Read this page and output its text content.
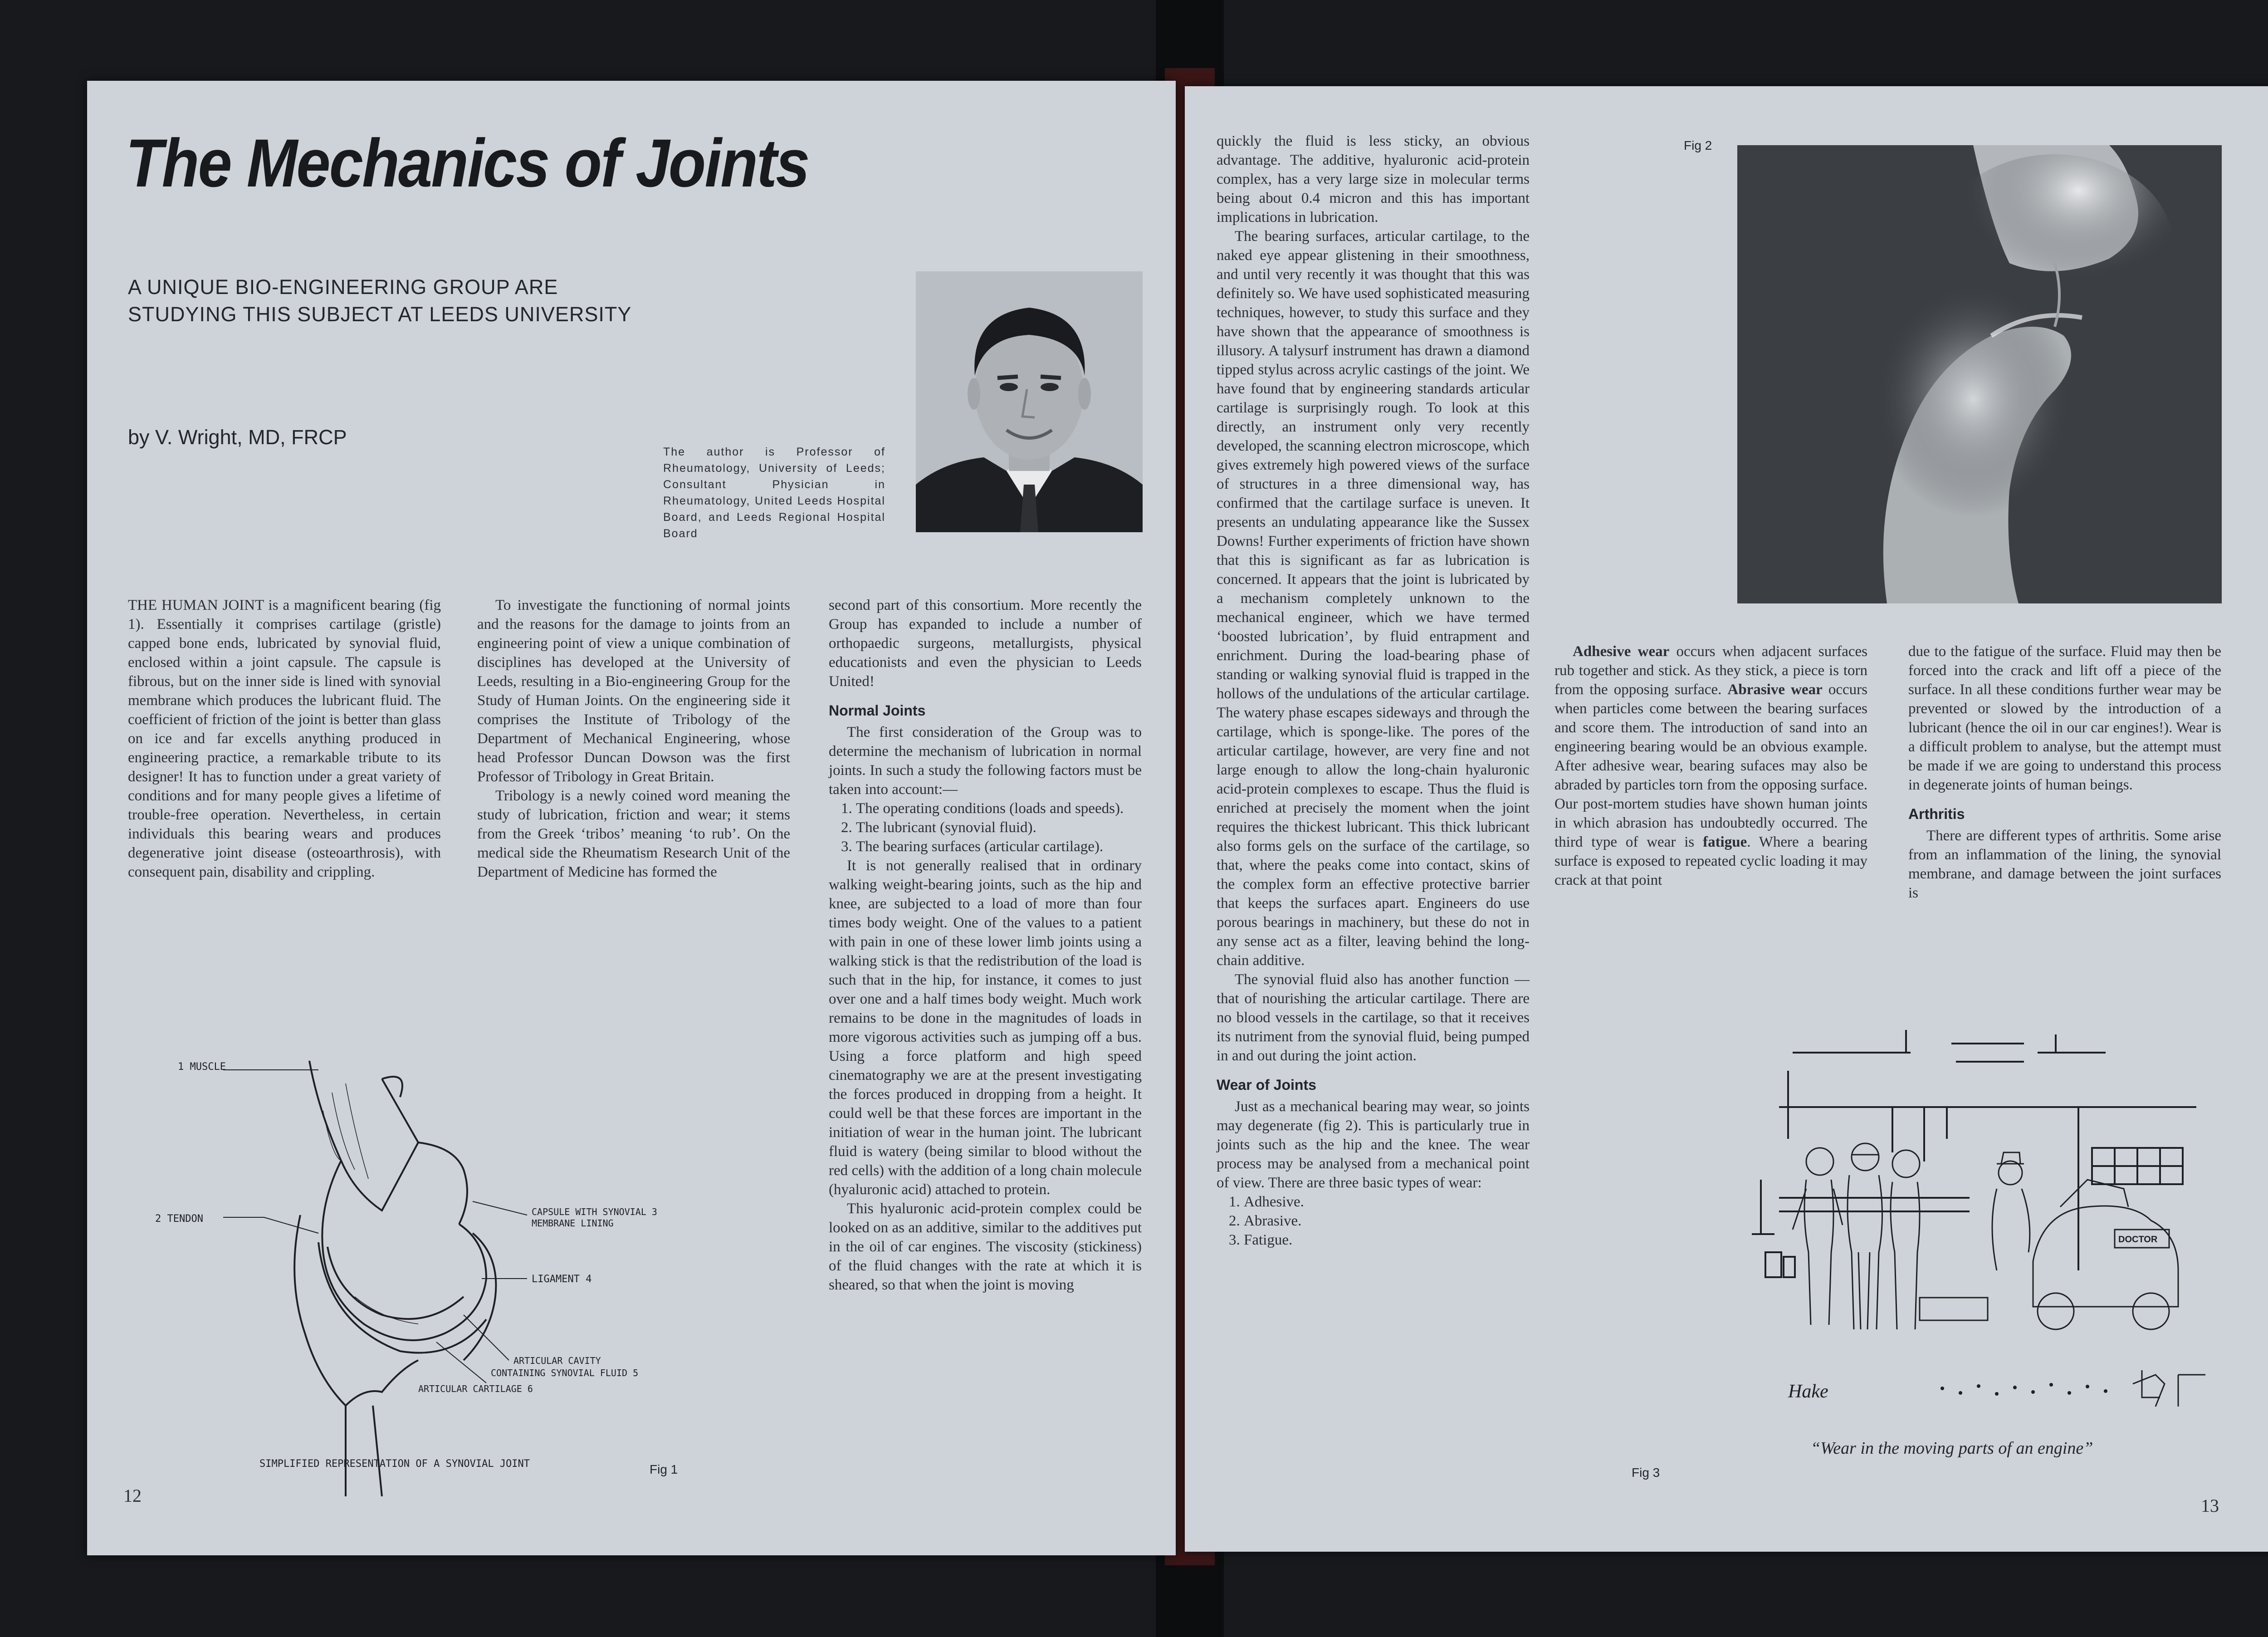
The Mechanics of Joints
A UNIQUE BIO-ENGINEERING GROUP ARE
STUDYING THIS SUBJECT AT LEEDS UNIVERSITY
by V. Wright, MD, FRCP
The author is Professor of Rheumatology, University of Leeds; Consultant Physician in Rheumatology, United Leeds Hospital Board, and Leeds Regional Hospital Board

THE HUMAN JOINT is a magnificent bearing (fig 1). Essentially it comprises cartilage (gristle) capped bone ends, lubricated by synovial fluid, enclosed within a joint capsule. The capsule is fibrous, but on the inner side is lined with synovial membrane which produces the lubricant fluid. The coefficient of friction of the joint is better than glass on ice and far excells anything produced in engineering practice, a remarkable tribute to its designer! It has to function under a great variety of conditions and for many people gives a lifetime of trouble-free operation. Nevertheless, in certain individuals this bearing wears and produces degenerative joint disease (osteoarthrosis), with consequent pain, disability and crippling.

To investigate the functioning of normal joints and the reasons for the damage to joints from an engineering point of view a unique combination of disciplines has developed at the University of Leeds, resulting in a Bio-engineering Group for the Study of Human Joints. On the engineering side it comprises the Institute of Tribology of the Department of Mechanical Engineering, whose head Professor Duncan Dowson was the first Professor of Tribology in Great Britain.

Tribology is a newly coined word meaning the study of lubrication, friction and wear; it stems from the Greek ‘tribos’ meaning ‘to rub’. On the medical side the Rheumatism Research Unit of the Department of Medicine has formed the

second part of this consortium. More recently the Group has expanded to include a number of orthopaedic surgeons, metallurgists, physical educationists and even the physician to Leeds United!

Normal Joints

The first consideration of the Group was to determine the mechanism of lubrication in normal joints. In such a study the following factors must be taken into account:—

1. The operating conditions (loads and speeds).
2. The lubricant (synovial fluid).
3. The bearing surfaces (articular cartilage).

It is not generally realised that in ordinary walking weight-bearing joints, such as the hip and knee, are subjected to a load of more than four times body weight. One of the values to a patient with pain in one of these lower limb joints using a walking stick is that the redistribution of the load is such that in the hip, for instance, it comes to just over one and a half times body weight. Much work remains to be done in the magnitudes of loads in more vigorous activities such as jumping off a bus. Using a force platform and high speed cinematography we are at the present investigating the forces produced in dropping from a height. It could well be that these forces are important in the initiation of wear in the human joint. The lubricant fluid is watery (being similar to blood without the red cells) with the addition of a long chain molecule (hyaluronic acid) attached to protein.

This hyaluronic acid-protein complex could be looked on as an additive, similar to the additives put in the oil of car engines. The viscosity (stickiness) of the fluid changes with the rate at which it is sheared, so that when the joint is moving

1 MUSCLE
2 TENDON
CAPSULE WITH SYNOVIAL 3
MEMBRANE LINING
LIGAMENT 4
ARTICULAR CAVITY
CONTAINING SYNOVIAL FLUID 5
ARTICULAR CARTILAGE 6
SIMPLIFIED REPRESENTATION OF A SYNOVIAL JOINT	Fig 1
12

quickly the fluid is less sticky, an obvious advantage. The additive, hyaluronic acid-protein complex, has a very large size in molecular terms being about 0.4 micron and this has important implications in lubrication.

The bearing surfaces, articular cartilage, to the naked eye appear glistening in their smoothness, and until very recently it was thought that this was definitely so. We have used sophisticated measuring techniques, however, to study this surface and they have shown that the appearance of smoothness is illusory. A talysurf instrument has drawn a diamond tipped stylus across acrylic castings of the joint. We have found that by engineering standards articular cartilage is surprisingly rough. To look at this directly, an instrument only very recently developed, the scanning electron microscope, which gives extremely high powered views of the surface of structures in a three dimensional way, has confirmed that the cartilage surface is uneven. It presents an undulating appearance like the Sussex Downs! Further experiments of friction have shown that this is significant as far as lubrication is concerned. It appears that the joint is lubricated by a mechanism completely unknown to the mechanical engineer, which we have termed ‘boosted lubrication’, by fluid entrapment and enrichment. During the load-bearing phase of standing or walking synovial fluid is trapped in the hollows of the undulations of the articular cartilage. The watery phase escapes sideways and through the cartilage, which is sponge-like. The pores of the articular cartilage, however, are very fine and not large enough to allow the long-chain hyaluronic acid-protein complexes to escape. Thus the fluid is enriched at precisely the moment when the joint requires the thickest lubricant. This thick lubricant also forms gels on the surface of the cartilage, so that, where the peaks come into contact, skins of the complex form an effective protective barrier that keeps the surfaces apart. Engineers do use porous bearings in machinery, but these do not in any sense act as a filter, leaving behind the long-chain additive.

The synovial fluid also has another function — that of nourishing the articular cartilage. There are no blood vessels in the cartilage, so that it receives its nutriment from the synovial fluid, being pumped in and out during the joint action.

Wear of Joints

Just as a mechanical bearing may wear, so joints may degenerate (fig 2). This is particularly true in joints such as the hip and the knee. The wear process may be analysed from a mechanical point of view. There are three basic types of wear:

1. Adhesive.
2. Abrasive.
3. Fatigue.
Fig 2

Adhesive wear occurs when adjacent surfaces rub together and stick. As they stick, a piece is torn from the opposing surface. Abrasive wear occurs when particles come between the bearing surfaces and score them. The introduction of sand into an engineering bearing would be an obvious example. After adhesive wear, bearing sufaces may also be abraded by particles torn from the opposing surface. Our post-mortem studies have shown human joints in which abrasion has undoubtedly occurred. The third type of wear is fatigue. Where a bearing surface is exposed to repeated cyclic loading it may crack at that point

due to the fatigue of the surface. Fluid may then be forced into the crack and lift off a piece of the surface. In all these conditions further wear may be prevented or slowed by the introduction of a lubricant (hence the oil in our car engines!). Wear is a difficult problem to analyse, but the attempt must be made if we are going to understand this process in degenerate joints of human beings.

Arthritis

There are different types of arthritis. Some arise from an inflammation of the lining, the synovial membrane, and damage between the joint surfaces is

DOCTOR
Hake
“Wear in the moving parts of an engine”
Fig 3
13
